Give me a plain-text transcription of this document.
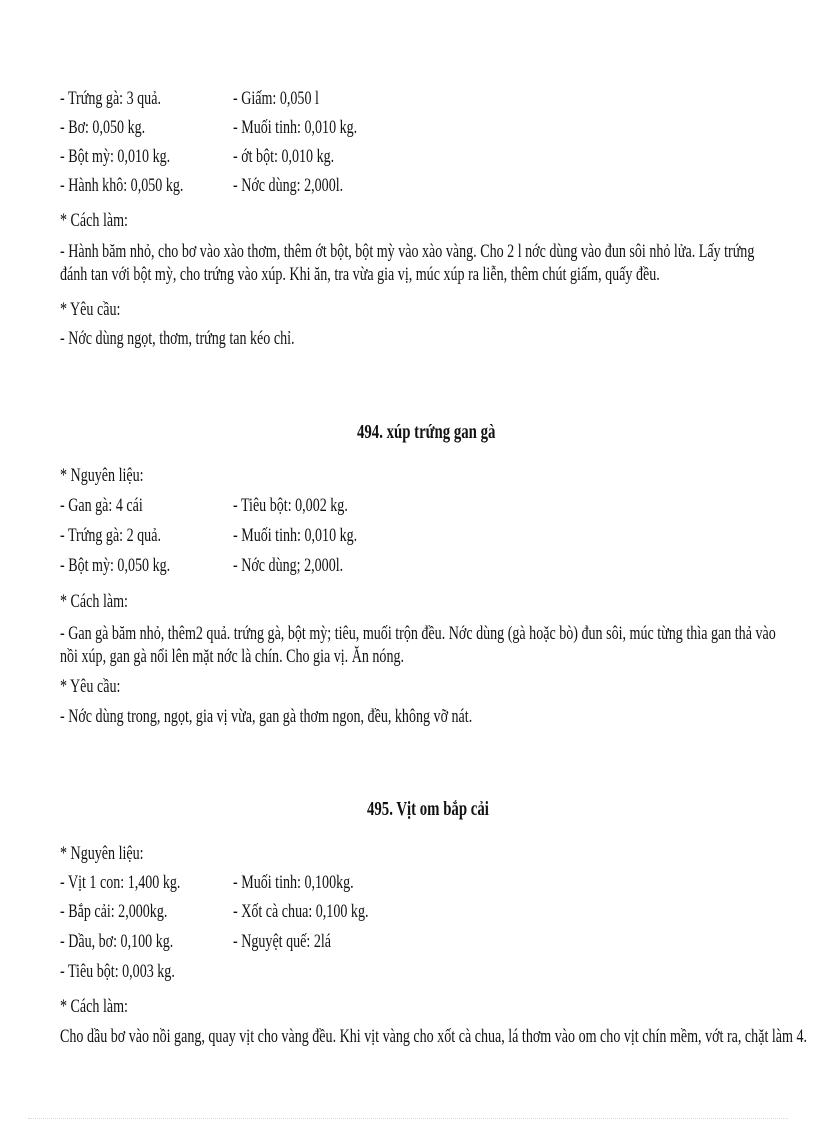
- Trứng gà: 3 quả.	- Giấm: 0,050 l
- Bơ: 0,050 kg.	- Muối tinh: 0,010 kg.
- Bột mỳ: 0,010 kg.	- ớt bột: 0,010 kg.
- Hành khô: 0,050 kg.	- Nớc dùng: 2,000l.
* Cách làm:
- Hành băm nhỏ, cho bơ vào xào thơm, thêm ớt bột, bột mỳ vào xào vàng. Cho 2 l nớc dùng vào đun sôi nhỏ lửa. Lấy trứng đánh tan với bột mỳ, cho trứng vào xúp. Khi ăn, tra vừa gia vị, múc xúp ra liễn, thêm chút giấm, quấy đều.
* Yêu cầu:
- Nớc dùng ngọt, thơm, trứng tan kéo chỉ.
494. xúp trứng gan gà
* Nguyên liệu:
- Gan gà: 4 cái	- Tiêu bột: 0,002 kg.
- Trứng gà: 2 quả.	- Muối tinh: 0,010 kg.
- Bột mỳ: 0,050 kg.	- Nớc dùng; 2,000l.
* Cách làm:
- Gan gà băm nhỏ, thêm2 quả. trứng gà, bột mỳ; tiêu, muối trộn đều. Nớc dùng (gà hoặc bò) đun sôi, múc từng thìa gan thả vào nồi xúp, gan gà nổi lên mặt nớc là chín. Cho gia vị. Ăn nóng.
* Yêu cầu:
- Nớc dùng trong, ngọt, gia vị vừa, gan gà thơm ngon, đều, không vỡ nát.
495. Vịt om bắp cải
* Nguyên liệu:
- Vịt 1 con: 1,400 kg.	- Muối tinh: 0,100kg.
- Bắp cải: 2,000kg.	- Xốt cà chua: 0,100 kg.
- Dầu, bơ: 0,100 kg.	- Nguyệt quế: 2lá
- Tiêu bột: 0,003 kg.
* Cách làm:
Cho dầu bơ vào nồi gang, quay vịt cho vàng đều. Khi vịt vàng cho xốt cà chua, lá thơm vào om cho vịt chín mềm, vớt ra, chặt làm 4.
